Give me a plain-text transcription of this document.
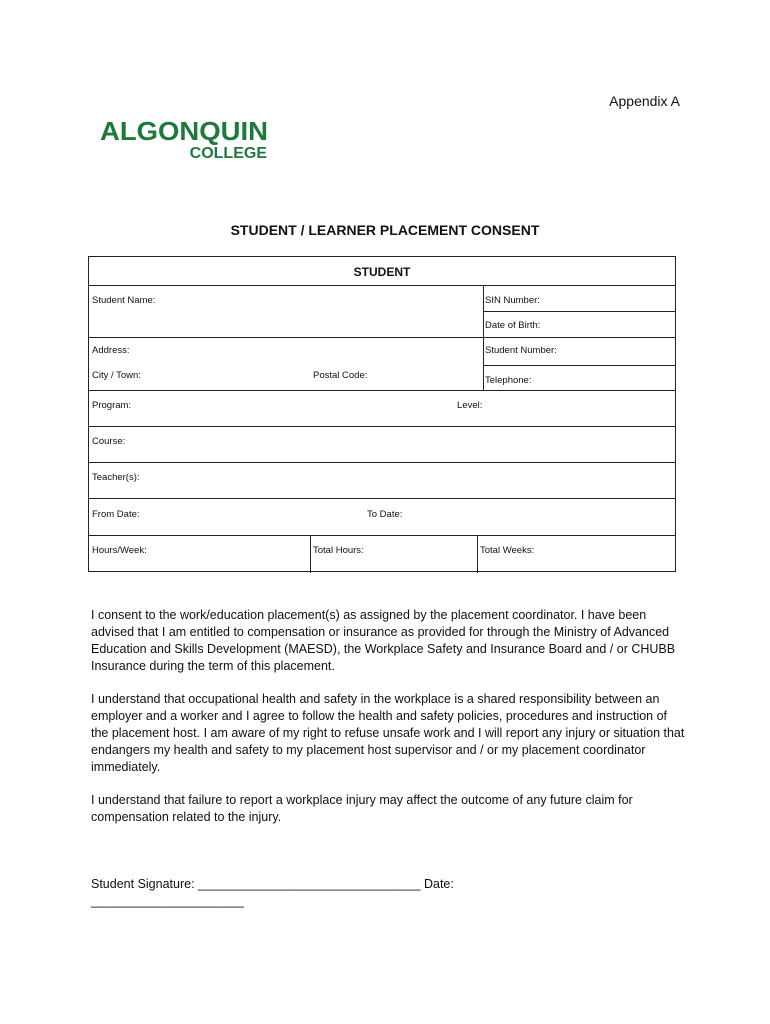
Appendix A
ALGONQUIN
COLLEGE
STUDENT / LEARNER PLACEMENT CONSENT
STUDENT
Student Name:	SIN Number:
Date of Birth:
Address:	Student Number:
City / Town:	Postal Code:	Telephone:
Program:	Level:
Course:
Teacher(s):
From Date:	To Date:
Hours/Week:	Total Hours:	Total Weeks:

I consent to the work/education placement(s) as assigned by the placement coordinator. I have been advised that I am entitled to compensation or insurance as provided for through the Ministry of Advanced Education and Skills Development (MAESD), the Workplace Safety and Insurance Board and / or CHUBB Insurance during the term of this placement.

I understand that occupational health and safety in the workplace is a shared responsibility between an employer and a worker and I agree to follow the health and safety policies, procedures and instruction of the placement host. I am aware of my right to refuse unsafe work and I will report any injury or situation that endangers my health and safety to my placement host supervisor and / or my placement coordinator immediately.

I understand that failure to report a workplace injury may affect the outcome of any future claim for compensation related to the injury.

Student Signature: ________________________________ Date:
______________________
